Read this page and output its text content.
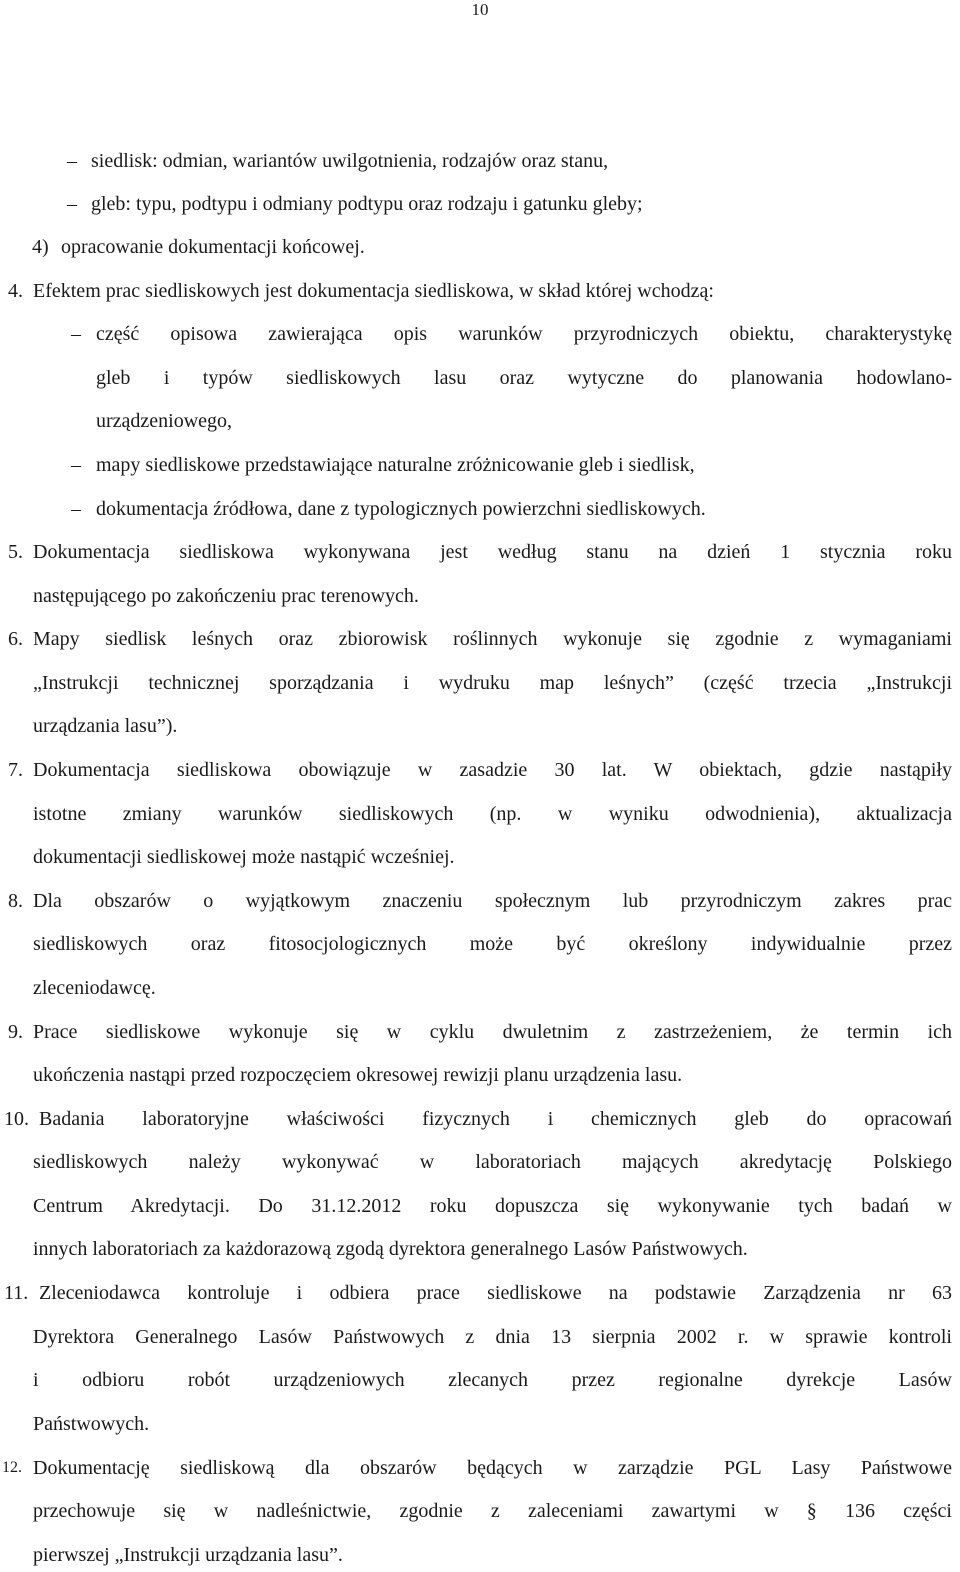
10
– siedlisk: odmian, wariantów uwilgotnienia, rodzajów oraz stanu,
– gleb: typu, podtypu i odmiany podtypu oraz rodzaju i gatunku gleby;
4) opracowanie dokumentacji końcowej.
4. Efektem prac siedliskowych jest dokumentacja siedliskowa, w skład której wchodzą:
– część opisowa zawierająca opis warunków przyrodniczych obiektu, charakterystykę
gleb i typów siedliskowych lasu oraz wytyczne do planowania hodowlano-
urządzeniowego,
– mapy siedliskowe przedstawiające naturalne zróżnicowanie gleb i siedlisk,
– dokumentacja źródłowa, dane z typologicznych powierzchni siedliskowych.
5. Dokumentacja siedliskowa wykonywana jest według stanu na dzień 1 stycznia roku
następującego po zakończeniu prac terenowych.
6. Mapy siedlisk leśnych oraz zbiorowisk roślinnych wykonuje się zgodnie z wymaganiami
„Instrukcji technicznej sporządzania i wydruku map leśnych” (część trzecia „Instrukcji
urządzania lasu”).
7. Dokumentacja siedliskowa obowiązuje w zasadzie 30 lat. W obiektach, gdzie nastąpiły
istotne zmiany warunków siedliskowych (np. w wyniku odwodnienia), aktualizacja
dokumentacji siedliskowej może nastąpić wcześniej.
8. Dla obszarów o wyjątkowym znaczeniu społecznym lub przyrodniczym zakres prac
siedliskowych oraz fitosocjologicznych może być określony indywidualnie przez
zleceniodawcę.
9. Prace siedliskowe wykonuje się w cyklu dwuletnim z zastrzeżeniem, że termin ich
ukończenia nastąpi przed rozpoczęciem okresowej rewizji planu urządzenia lasu.
10. Badania laboratoryjne właściwości fizycznych i chemicznych gleb do opracowań
siedliskowych należy wykonywać w laboratoriach mających akredytację Polskiego
Centrum Akredytacji. Do 31.12.2012 roku dopuszcza się wykonywanie tych badań w
innych laboratoriach za każdorazową zgodą dyrektora generalnego Lasów Państwowych.
11. Zleceniodawca kontroluje i odbiera prace siedliskowe na podstawie Zarządzenia nr 63
Dyrektora Generalnego Lasów Państwowych z dnia 13 sierpnia 2002 r. w sprawie kontroli
i odbioru robót urządzeniowych zlecanych przez regionalne dyrekcje Lasów
Państwowych.
12. Dokumentację siedliskową dla obszarów będących w zarządzie PGL Lasy Państwowe
przechowuje się w nadleśnictwie, zgodnie z zaleceniami zawartymi w § 136 części
pierwszej „Instrukcji urządzania lasu”.
